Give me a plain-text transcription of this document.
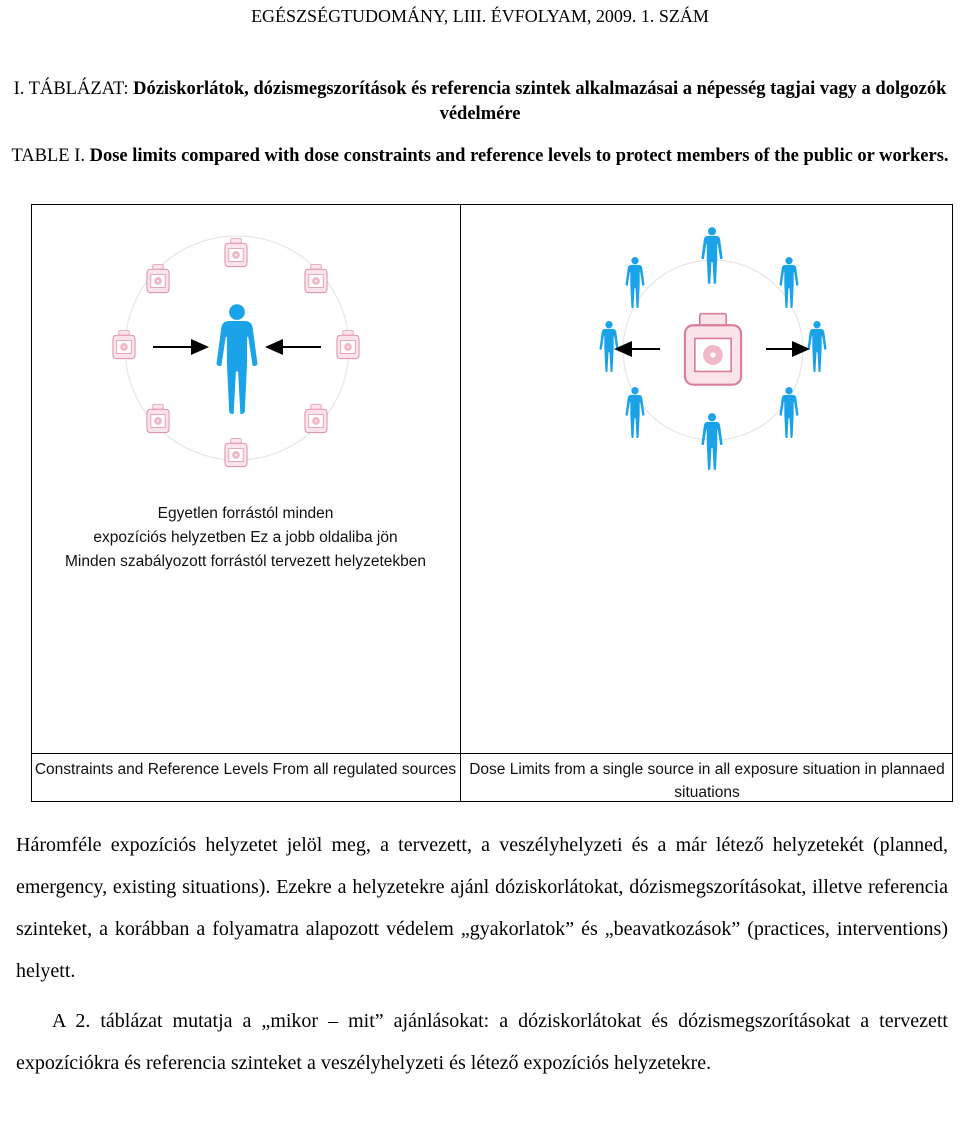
EGÉSZSÉGTUDOMÁNY, LIII. ÉVFOLYAM, 2009. 1. SZÁM
I. TÁBLÁZAT: Dóziskorlátok, dózismegszorítások és referencia szintek alkalmazásai a népesség tagjai vagy a dolgozók védelmére
TABLE I. Dose limits compared with dose constraints and reference levels to protect members of the public or workers.
Egyetlen forrástól minden
expozíciós helyzetben Ez a jobb oldaliba jön
Minden szabályozott forrástól tervezett helyzetekben
Constraints and Reference Levels From all regulated sources Dose Limits from a single source in all exposure situation in plannaed situations
Háromféle expozíciós helyzetet jelöl meg, a tervezett, a veszélyhelyzeti és a már létező helyzetekét (planned, emergency, existing situations). Ezekre a helyzetekre ajánl dóziskorlátokat, dózismegszorításokat, illetve referencia szinteket, a korábban a folyamatra alapozott védelem „gyakorlatok” és „beavatkozások” (practices, interventions) helyett.
A 2. táblázat mutatja a „mikor – mit” ajánlásokat: a dóziskorlátokat és dózismegszorításokat a tervezett expozíciókra és referencia szinteket a veszélyhelyzeti és létező expozíciós helyzetekre.
